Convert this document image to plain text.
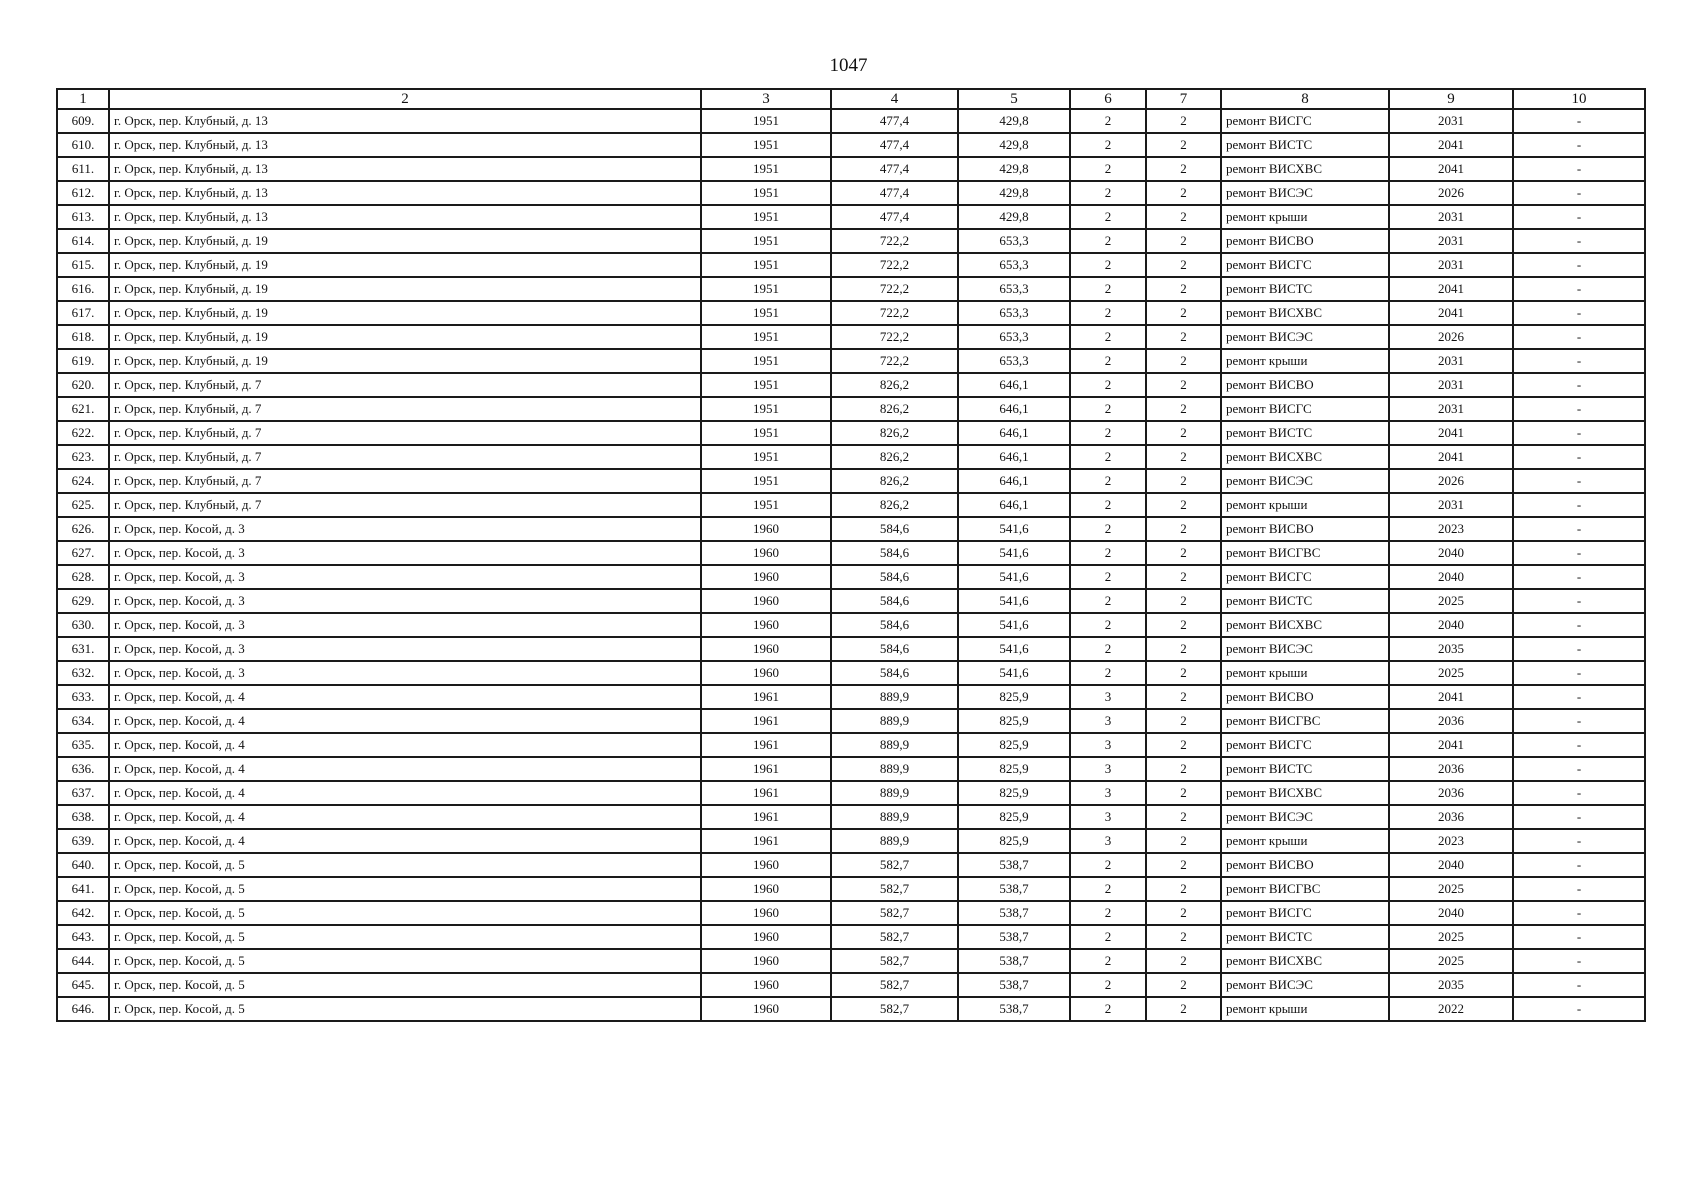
1047
1	2	3	4	5	6	7	8	9	10
609.	г. Орск, пер. Клубный, д. 13	1951	477,4	429,8	2	2	ремонт ВИСГС	2031	-
610.	г. Орск, пер. Клубный, д. 13	1951	477,4	429,8	2	2	ремонт ВИСТС	2041	-
611.	г. Орск, пер. Клубный, д. 13	1951	477,4	429,8	2	2	ремонт ВИСХВС	2041	-
612.	г. Орск, пер. Клубный, д. 13	1951	477,4	429,8	2	2	ремонт ВИСЭС	2026	-
613.	г. Орск, пер. Клубный, д. 13	1951	477,4	429,8	2	2	ремонт крыши	2031	-
614.	г. Орск, пер. Клубный, д. 19	1951	722,2	653,3	2	2	ремонт ВИСВО	2031	-
615.	г. Орск, пер. Клубный, д. 19	1951	722,2	653,3	2	2	ремонт ВИСГС	2031	-
616.	г. Орск, пер. Клубный, д. 19	1951	722,2	653,3	2	2	ремонт ВИСТС	2041	-
617.	г. Орск, пер. Клубный, д. 19	1951	722,2	653,3	2	2	ремонт ВИСХВС	2041	-
618.	г. Орск, пер. Клубный, д. 19	1951	722,2	653,3	2	2	ремонт ВИСЭС	2026	-
619.	г. Орск, пер. Клубный, д. 19	1951	722,2	653,3	2	2	ремонт крыши	2031	-
620.	г. Орск, пер. Клубный, д. 7	1951	826,2	646,1	2	2	ремонт ВИСВО	2031	-
621.	г. Орск, пер. Клубный, д. 7	1951	826,2	646,1	2	2	ремонт ВИСГС	2031	-
622.	г. Орск, пер. Клубный, д. 7	1951	826,2	646,1	2	2	ремонт ВИСТС	2041	-
623.	г. Орск, пер. Клубный, д. 7	1951	826,2	646,1	2	2	ремонт ВИСХВС	2041	-
624.	г. Орск, пер. Клубный, д. 7	1951	826,2	646,1	2	2	ремонт ВИСЭС	2026	-
625.	г. Орск, пер. Клубный, д. 7	1951	826,2	646,1	2	2	ремонт крыши	2031	-
626.	г. Орск, пер. Косой, д. 3	1960	584,6	541,6	2	2	ремонт ВИСВО	2023	-
627.	г. Орск, пер. Косой, д. 3	1960	584,6	541,6	2	2	ремонт ВИСГВС	2040	-
628.	г. Орск, пер. Косой, д. 3	1960	584,6	541,6	2	2	ремонт ВИСГС	2040	-
629.	г. Орск, пер. Косой, д. 3	1960	584,6	541,6	2	2	ремонт ВИСТС	2025	-
630.	г. Орск, пер. Косой, д. 3	1960	584,6	541,6	2	2	ремонт ВИСХВС	2040	-
631.	г. Орск, пер. Косой, д. 3	1960	584,6	541,6	2	2	ремонт ВИСЭС	2035	-
632.	г. Орск, пер. Косой, д. 3	1960	584,6	541,6	2	2	ремонт крыши	2025	-
633.	г. Орск, пер. Косой, д. 4	1961	889,9	825,9	3	2	ремонт ВИСВО	2041	-
634.	г. Орск, пер. Косой, д. 4	1961	889,9	825,9	3	2	ремонт ВИСГВС	2036	-
635.	г. Орск, пер. Косой, д. 4	1961	889,9	825,9	3	2	ремонт ВИСГС	2041	-
636.	г. Орск, пер. Косой, д. 4	1961	889,9	825,9	3	2	ремонт ВИСТС	2036	-
637.	г. Орск, пер. Косой, д. 4	1961	889,9	825,9	3	2	ремонт ВИСХВС	2036	-
638.	г. Орск, пер. Косой, д. 4	1961	889,9	825,9	3	2	ремонт ВИСЭС	2036	-
639.	г. Орск, пер. Косой, д. 4	1961	889,9	825,9	3	2	ремонт крыши	2023	-
640.	г. Орск, пер. Косой, д. 5	1960	582,7	538,7	2	2	ремонт ВИСВО	2040	-
641.	г. Орск, пер. Косой, д. 5	1960	582,7	538,7	2	2	ремонт ВИСГВС	2025	-
642.	г. Орск, пер. Косой, д. 5	1960	582,7	538,7	2	2	ремонт ВИСГС	2040	-
643.	г. Орск, пер. Косой, д. 5	1960	582,7	538,7	2	2	ремонт ВИСТС	2025	-
644.	г. Орск, пер. Косой, д. 5	1960	582,7	538,7	2	2	ремонт ВИСХВС	2025	-
645.	г. Орск, пер. Косой, д. 5	1960	582,7	538,7	2	2	ремонт ВИСЭС	2035	-
646.	г. Орск, пер. Косой, д. 5	1960	582,7	538,7	2	2	ремонт крыши	2022	-
